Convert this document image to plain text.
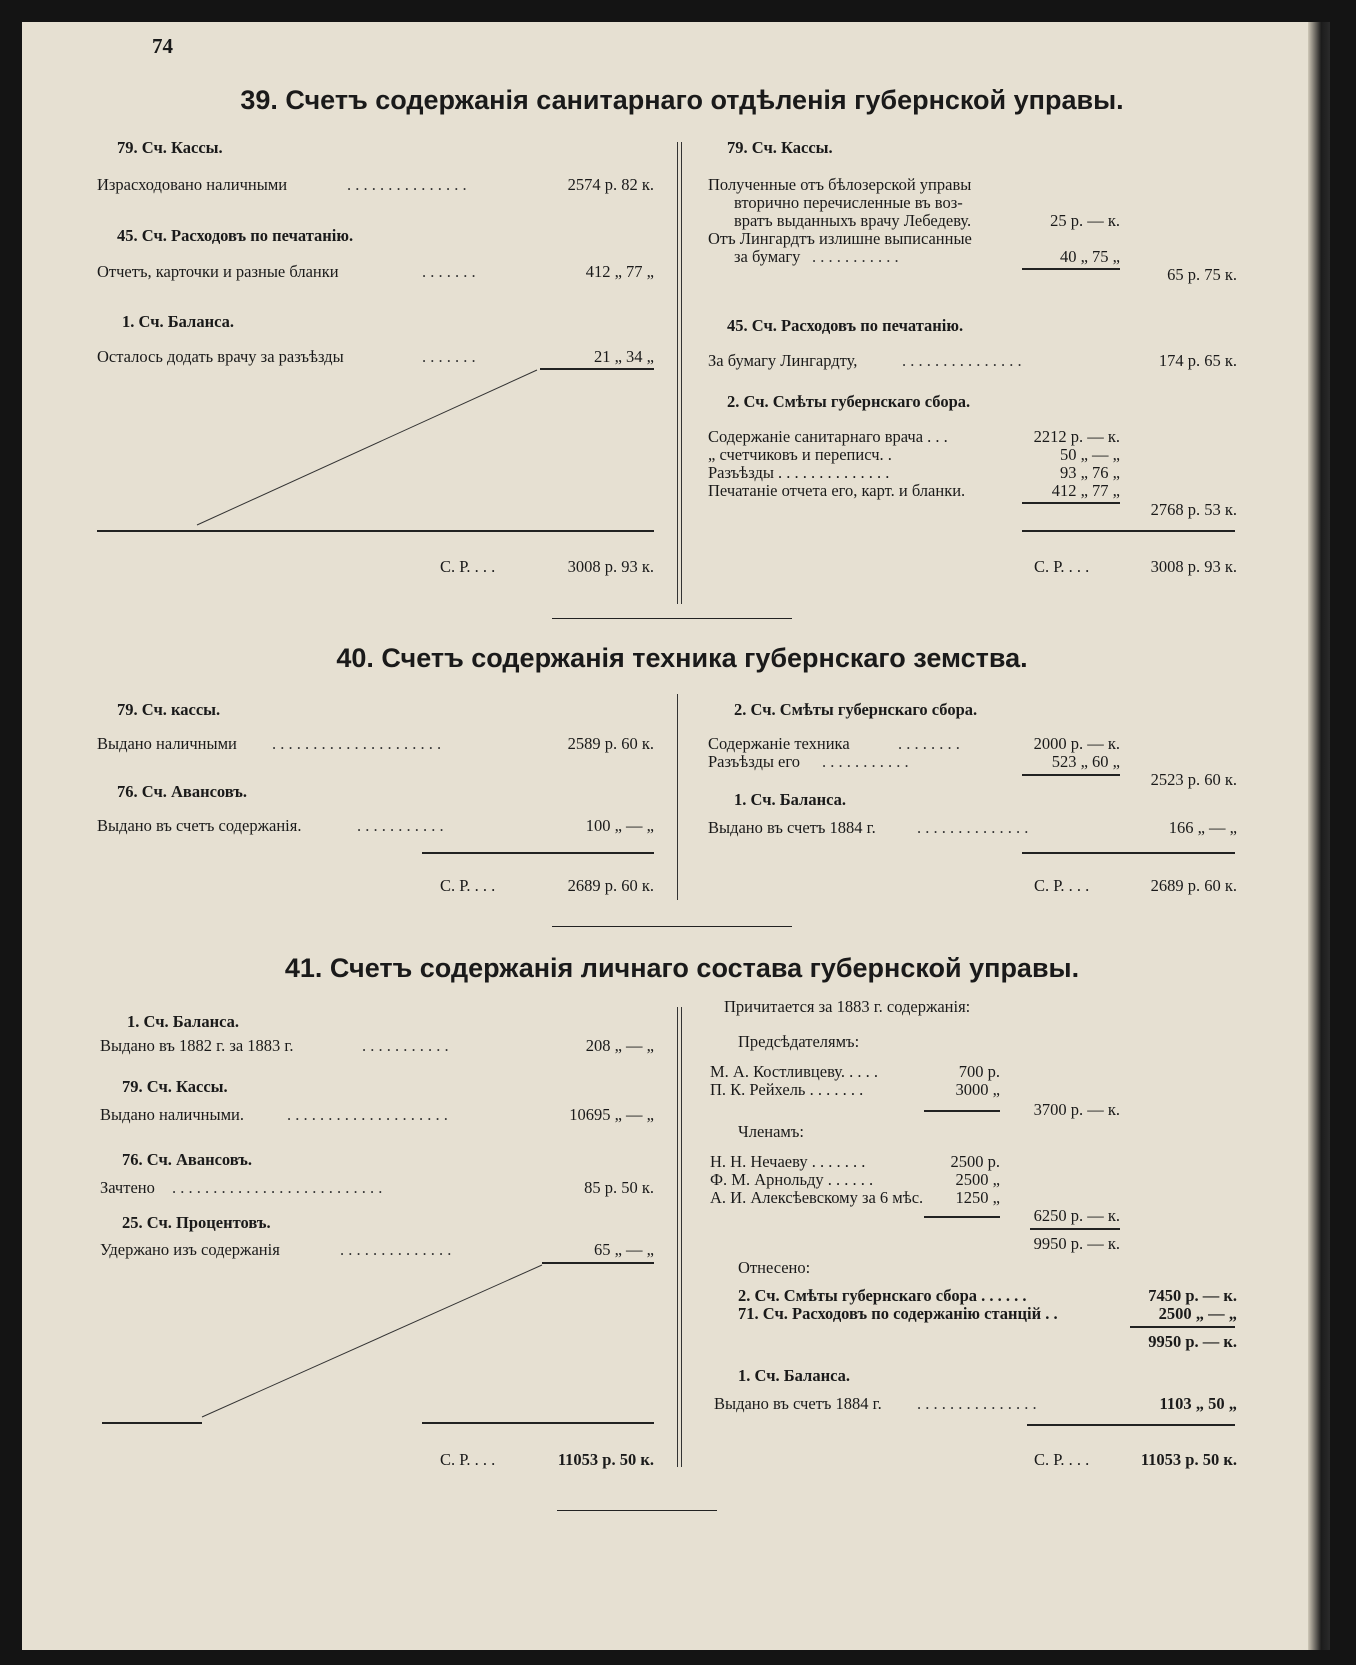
74
39. Счетъ содержанія санитарнаго отдѣленія губернской управы.
79. Сч. Кассы.
Израсходовано наличными	. . . . . . . . . . . . . . .	2574 р. 82 к.
45. Сч. Расходовъ по печатанію.
Отчетъ, карточки и разные бланки	. . . . . . .	412 „ 77 „
1. Сч. Баланса.
Осталось додать врачу за разъѣзды	. . . . . . .	21 „ 34 „
С. Р. . . .	3008 р. 93 к.
79. Сч. Кассы.
Полученные отъ бѣлозерской управы
вторично перечисленные въ воз-
вратъ выданныхъ врачу Лебедеву.	25 р. — к.
Отъ Лингардтъ излишне выписанные
за бумагу . . . . . . . . . . .	40 „ 75 „
65 р. 75 к.
45. Сч. Расходовъ по печатанію.
За бумагу Лингардту,	. . . . . . . . . . . . . . .	174 р. 65 к.
2. Сч. Смѣты губернскаго сбора.
Содержаніе санитарнаго врача . . .	2212 р. — к.
„ счетчиковъ и переписч. .	50 „ — „
Разъѣзды . . . . . . . . . . . . . .	93 „ 76 „
Печатаніе отчета его, карт. и бланки.	412 „ 77 „
2768 р. 53 к.
С. Р. . . .	3008 р. 93 к.
40. Счетъ содержанія техника губернскаго земства.
79. Сч. кассы.
Выдано наличными . . . . . . . . . . . . . . . . . . . . .	2589 р. 60 к.
76. Сч. Авансовъ.
Выдано въ счетъ содержанія.	. . . . . . . . . . .	100 „ — „
С. Р. . . .	2689 р. 60 к.
2. Сч. Смѣты губернскаго сбора.
Содержаніе техника	. . . . . . . .	2000 р. — к.
Разъѣзды его . . . . . . . . . . .	523 „ 60 „
2523 р. 60 к.
1. Сч. Баланса.
Выдано въ счетъ 1884 г.	. . . . . . . . . . . . . .	166 „ — „
С. Р. . . .	2689 р. 60 к.
41. Счетъ содержанія личнаго состава губернской управы.
1. Сч. Баланса.
Выдано въ 1882 г. за 1883 г.	. . . . . . . . . . .	208 „ — „
79. Сч. Кассы.
Выдано наличными.	. . . . . . . . . . . . . . . . . . . .	10695 „ — „
76. Сч. Авансовъ.
Зачтено . . . . . . . . . . . . . . . . . . . . . . . . . .	85 р. 50 к.
25. Сч. Процентовъ.
Удержано изъ содержанія	. . . . . . . . . . . . . .	65 „ — „
С. Р. . . .	11053 р. 50 к.
Причитается за 1883 г. содержанія:
Предсѣдателямъ:
М. А. Костливцеву. . . . .	700 р.
П. К. Рейхель . . . . . . .	3000 „
3700 р. — к.
Членамъ:
Н. Н. Нечаеву . . . . . . .	2500 р.
Ф. М. Арнольду . . . . . .	2500 „
А. И. Алексѣевскому за 6 мѣс. 1250 „
6250 р. — к.
9950 р. — к.
Отнесено:
2. Сч. Смѣты губернскаго сбора . . . . . .	7450 р. — к.
71. Сч. Расходовъ по содержанію станцій . .	2500 „ — „
9950 р. — к.
1. Сч. Баланса.
Выдано въ счетъ 1884 г. . . . . . . . . . . . . . . .	1103 „ 50 „
С. Р. . . .	11053 р. 50 к.
